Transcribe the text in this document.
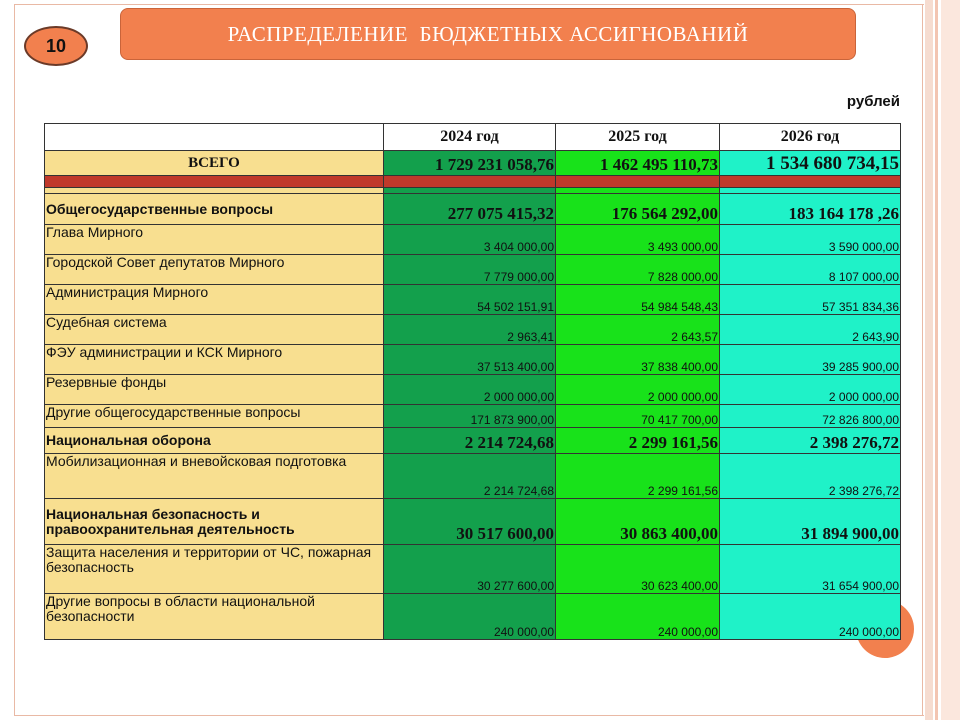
10	РАСПРЕДЕЛЕНИЕ  БЮДЖЕТНЫХ АССИГНОВАНИЙ
рублей
	2024 год	2025 год	2026 год
ВСЕГО	1 729 231 058,76	1 462 495 110,73	1 534 680 734,15

Общегосударственные вопросы	277 075 415,32	176 564 292,00	183 164 178 ,26
Глава Мирного	3 404 000,00	3 493 000,00	3 590 000,00
Городской Совет депутатов Мирного	7 779 000,00	7 828 000,00	8 107 000,00
Администрация Мирного	54 502 151,91	54 984 548,43	57 351 834,36
Судебная система	2 963,41	2 643,57	2 643,90
ФЭУ администрации и КСК Мирного	37 513 400,00	37 838 400,00	39 285 900,00
Резервные фонды	2 000 000,00	2 000 000,00	2 000 000,00
Другие общегосударственные вопросы	171 873 900,00	70 417 700,00	72 826 800,00
Национальная оборона	2 214 724,68	2 299 161,56	2 398 276,72
Мобилизационная и вневойсковая подготовка	2 214 724,68	2 299 161,56	2 398 276,72
Национальная безопасность и правоохранительная деятельность	30 517 600,00	30 863 400,00	31 894 900,00
Защита населения и территории от ЧС, пожарная безопасность	30 277 600,00	30 623 400,00	31 654 900,00
Другие вопросы в области национальной безопасности	240 000,00	240 000,00	240 000,00
